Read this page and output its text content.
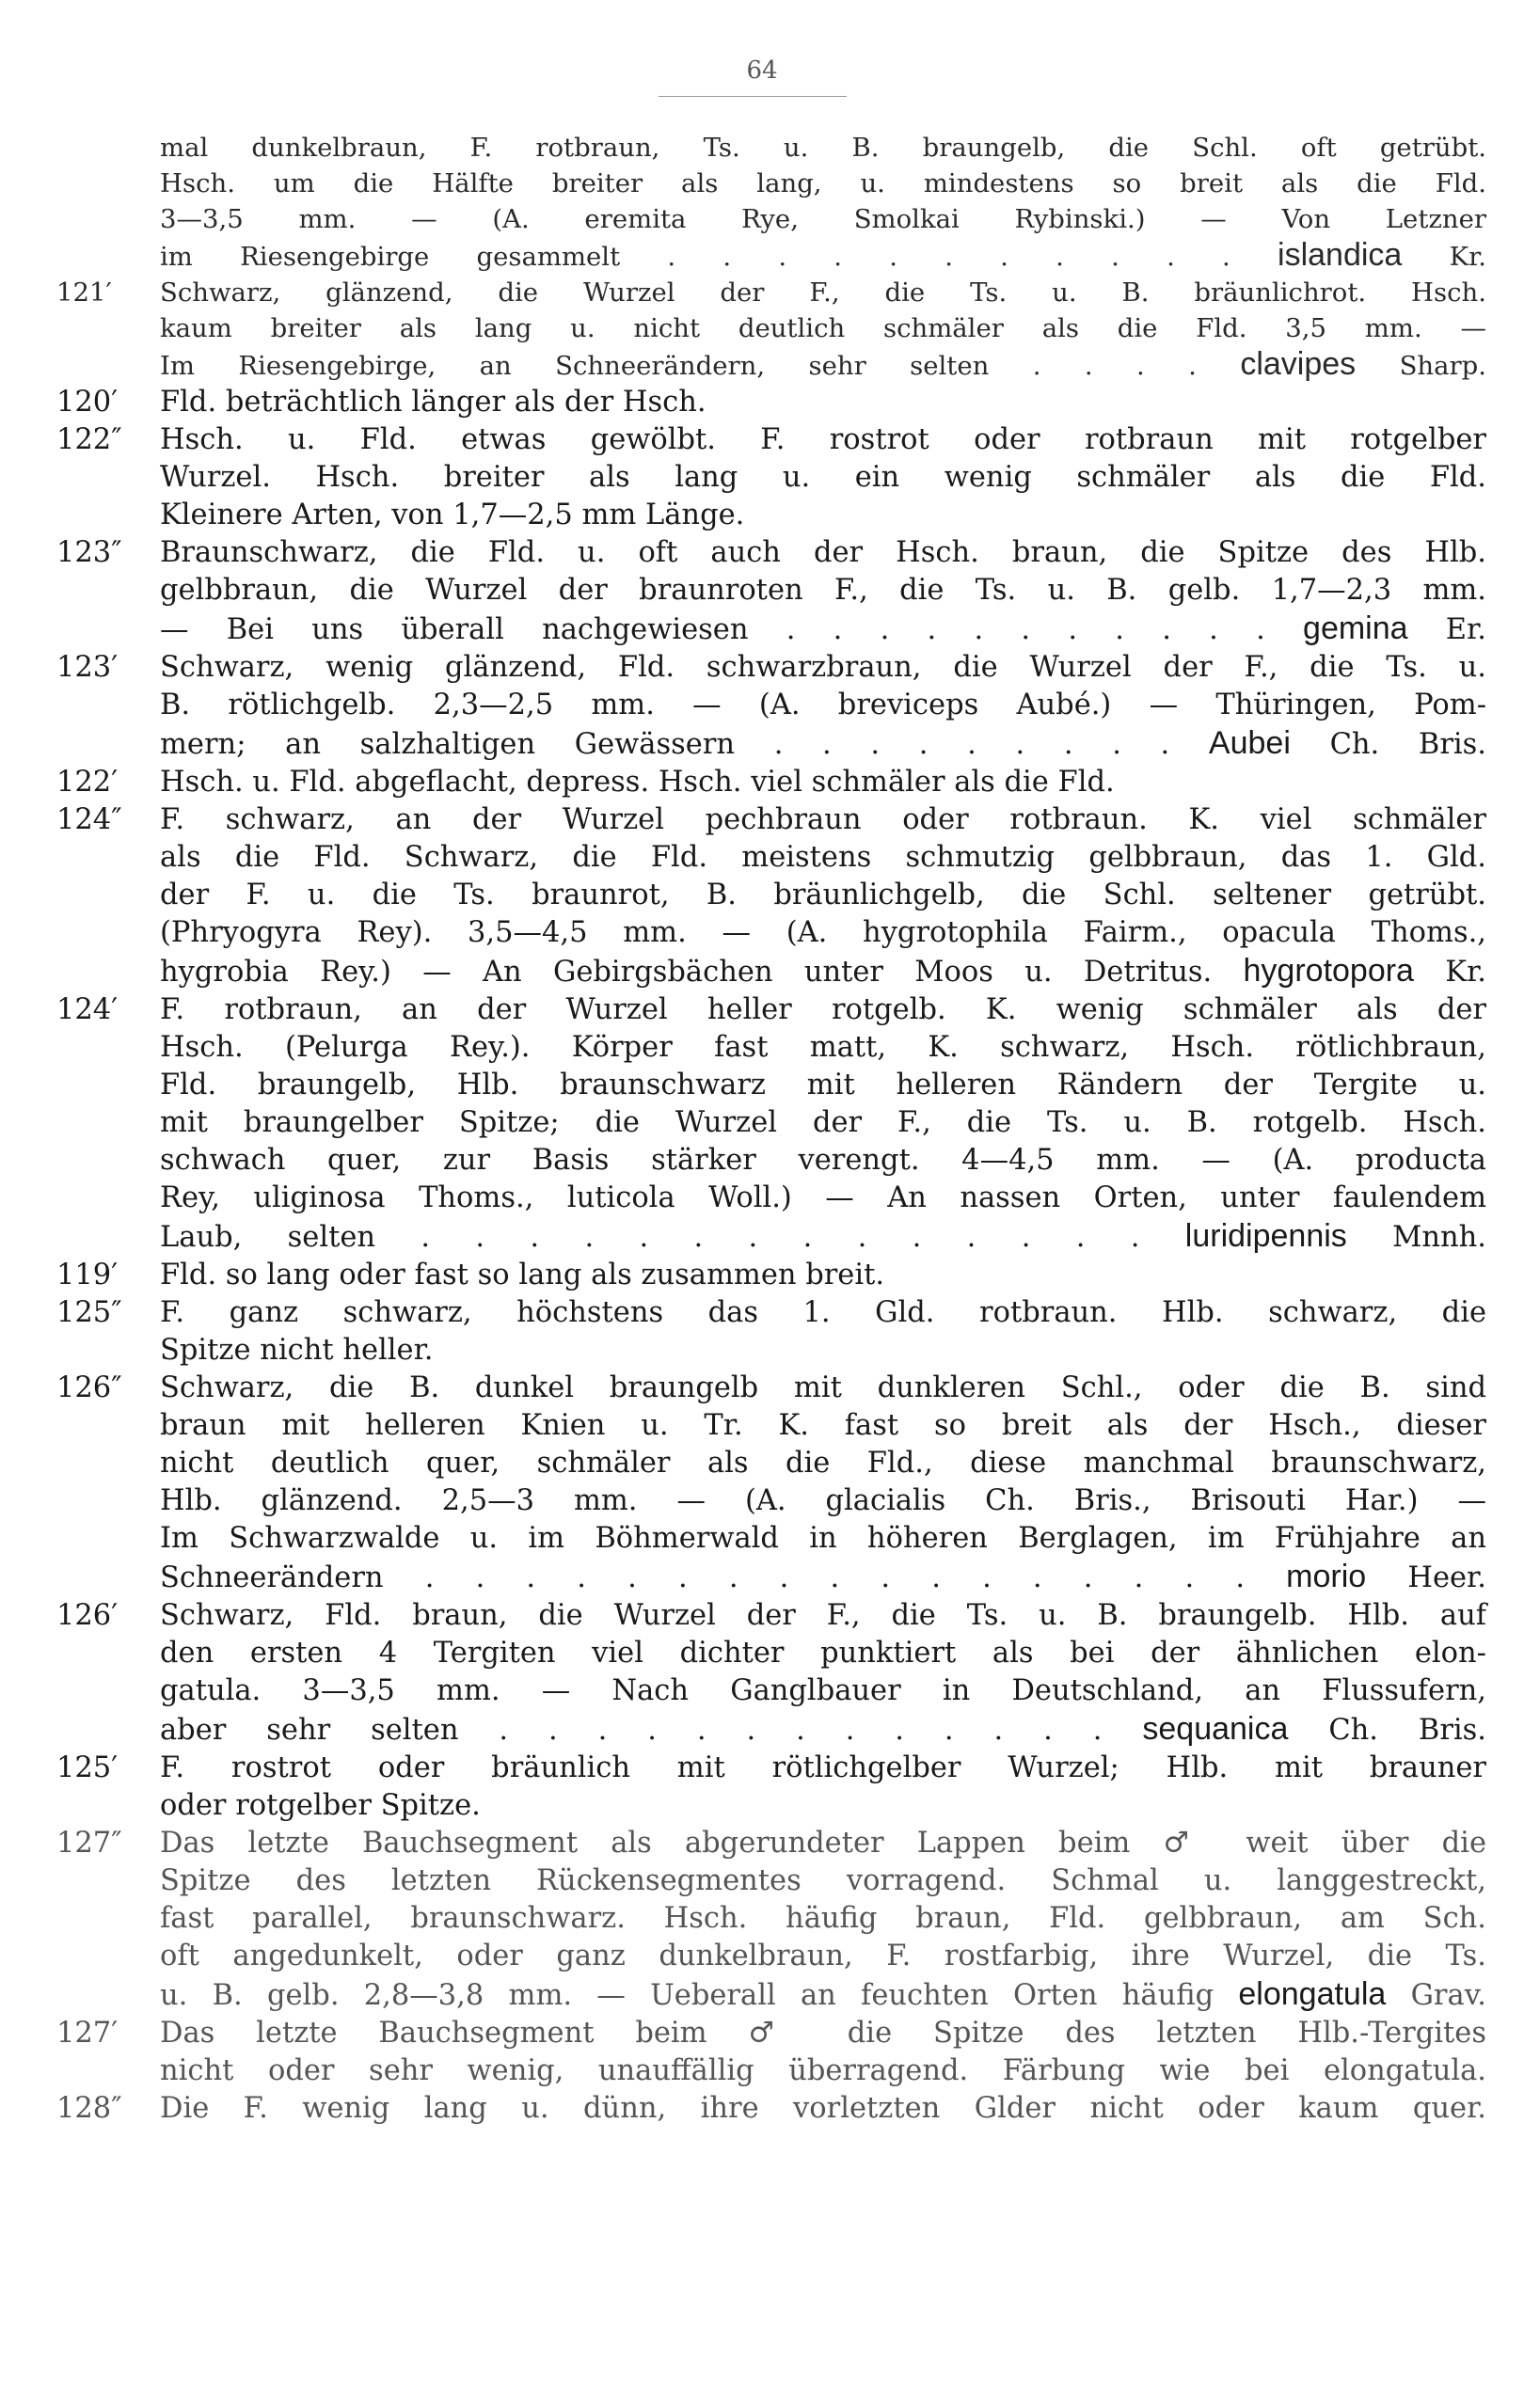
64
mal dunkelbraun, F. rotbraun, Ts. u. B. braungelb, die Schl. oft getrübt.
Hsch. um die Hälfte breiter als lang, u. mindestens so breit als die Fld.
3—3,5 mm. — (A. eremita Rye, Smolkai Rybinski.) — Von Letzner
im Riesengebirge gesammelt . . . . . . . . . . . islandica Kr.
121′	Schwarz, glänzend, die Wurzel der F., die Ts. u. B. bräunlichrot. Hsch.
kaum breiter als lang u. nicht deutlich schmäler als die Fld. 3,5 mm. —
Im Riesengebirge, an Schneerändern, sehr selten . . . . clavipes Sharp.
120′	Fld. beträchtlich länger als der Hsch.
122″	Hsch. u. Fld. etwas gewölbt. F. rostrot oder rotbraun mit rotgelber
Wurzel. Hsch. breiter als lang u. ein wenig schmäler als die Fld.
Kleinere Arten, von 1,7—2,5 mm Länge.
123″	Braunschwarz, die Fld. u. oft auch der Hsch. braun, die Spitze des Hlb.
gelbbraun, die Wurzel der braunroten F., die Ts. u. B. gelb. 1,7—2,3 mm.
— Bei uns überall nachgewiesen . . . . . . . . . . . gemina Er.
123′	Schwarz, wenig glänzend, Fld. schwarzbraun, die Wurzel der F., die Ts. u.
B. rötlichgelb. 2,3—2,5 mm. — (A. breviceps Aubé.) — Thüringen, Pom-
mern; an salzhaltigen Gewässern . . . . . . . . . Aubei Ch. Bris.
122′	Hsch. u. Fld. abgeflacht, depress. Hsch. viel schmäler als die Fld.
124″	F. schwarz, an der Wurzel pechbraun oder rotbraun. K. viel schmäler
als die Fld. Schwarz, die Fld. meistens schmutzig gelbbraun, das 1. Gld.
der F. u. die Ts. braunrot, B. bräunlichgelb, die Schl. seltener getrübt.
(Phryogyra Rey). 3,5—4,5 mm. — (A. hygrotophila Fairm., opacula Thoms.,
hygrobia Rey.) — An Gebirgsbächen unter Moos u. Detritus. hygrotopora Kr.
124′	F. rotbraun, an der Wurzel heller rotgelb. K. wenig schmäler als der
Hsch. (Pelurga Rey.). Körper fast matt, K. schwarz, Hsch. rötlichbraun,
Fld. braungelb, Hlb. braunschwarz mit helleren Rändern der Tergite u.
mit braungelber Spitze; die Wurzel der F., die Ts. u. B. rotgelb. Hsch.
schwach quer, zur Basis stärker verengt. 4—4,5 mm. — (A. producta
Rey, uliginosa Thoms., luticola Woll.) — An nassen Orten, unter faulendem
Laub, selten . . . . . . . . . . . . . . luridipennis Mnnh.
119′	Fld. so lang oder fast so lang als zusammen breit.
125″	F. ganz schwarz, höchstens das 1. Gld. rotbraun. Hlb. schwarz, die
Spitze nicht heller.
126″	Schwarz, die B. dunkel braungelb mit dunkleren Schl., oder die B. sind
braun mit helleren Knien u. Tr. K. fast so breit als der Hsch., dieser
nicht deutlich quer, schmäler als die Fld., diese manchmal braunschwarz,
Hlb. glänzend. 2,5—3 mm. — (A. glacialis Ch. Bris., Brisouti Har.) —
Im Schwarzwalde u. im Böhmerwald in höheren Berglagen, im Frühjahre an
Schneerändern . . . . . . . . . . . . . . . . . morio Heer.
126′	Schwarz, Fld. braun, die Wurzel der F., die Ts. u. B. braungelb. Hlb. auf
den ersten 4 Tergiten viel dichter punktiert als bei der ähnlichen elon-
gatula. 3—3,5 mm. — Nach Ganglbauer in Deutschland, an Flussufern,
aber sehr selten . . . . . . . . . . . . . sequanica Ch. Bris.
125′	F. rostrot oder bräunlich mit rötlichgelber Wurzel; Hlb. mit brauner
oder rotgelber Spitze.
127″	Das letzte Bauchsegment als abgerundeter Lappen beim ♂ weit über die
Spitze des letzten Rückensegmentes vorragend. Schmal u. langgestreckt,
fast parallel, braunschwarz. Hsch. häufig braun, Fld. gelbbraun, am Sch.
oft angedunkelt, oder ganz dunkelbraun, F. rostfarbig, ihre Wurzel, die Ts.
u. B. gelb. 2,8—3,8 mm. — Ueberall an feuchten Orten häufig elongatula Grav.
127′	Das letzte Bauchsegment beim ♂ die Spitze des letzten Hlb.-Tergites
nicht oder sehr wenig, unauffällig überragend. Färbung wie bei elongatula.
128″	Die F. wenig lang u. dünn, ihre vorletzten Glder nicht oder kaum quer.
